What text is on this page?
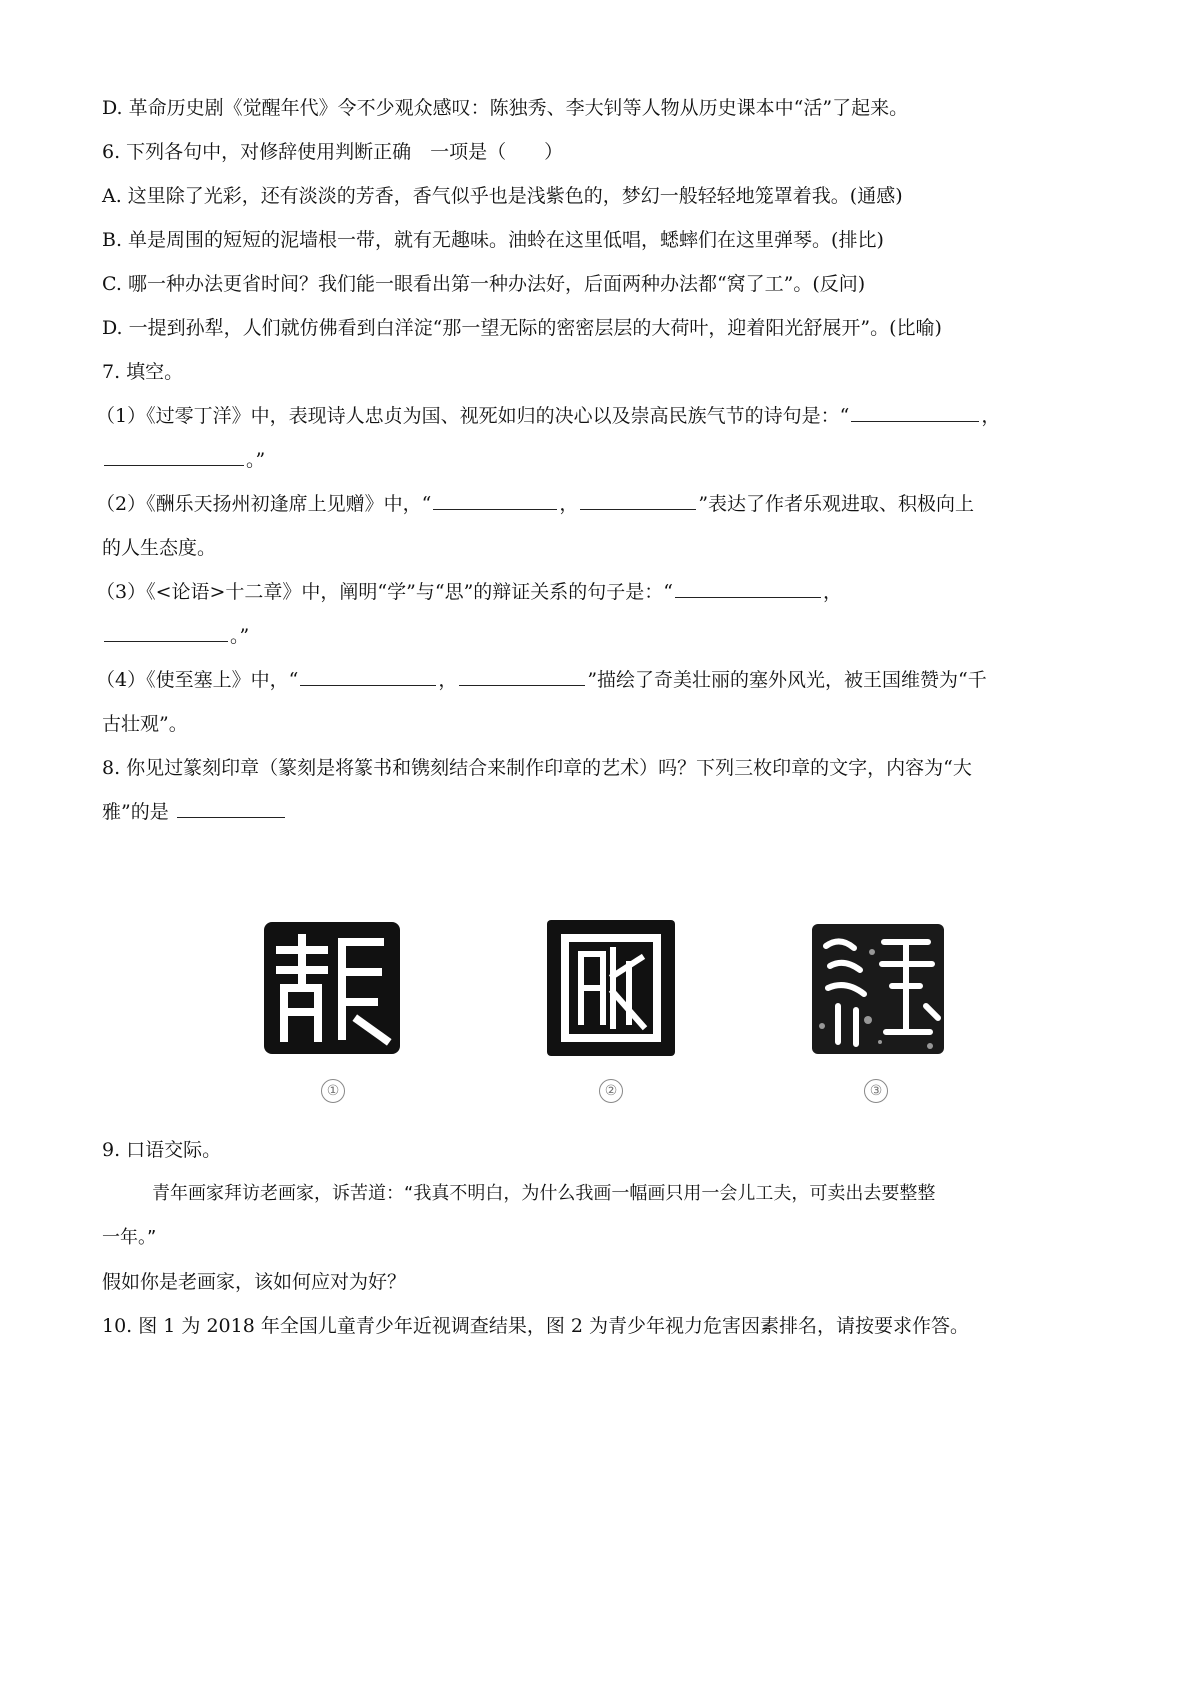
D. 革命历史剧《觉醒年代》令不少观众感叹：陈独秀、李大钊等人物从历史课本中“活”了起来。
6. 下列各句中，对修辞使用判断正确　一项是（　　）
A. 这里除了光彩，还有淡淡的芳香，香气似乎也是浅紫色的，梦幻一般轻轻地笼罩着我。(通感)
B. 单是周围的短短的泥墙根一带，就有无趣味。油蛉在这里低唱，蟋蟀们在这里弹琴。(排比)
C. 哪一种办法更省时间？我们能一眼看出第一种办法好，后面两种办法都“窝了工”。(反问)
D. 一提到孙犁，人们就仿佛看到白洋淀“那一望无际的密密层层的大荷叶，迎着阳光舒展开”。(比喻)
7. 填空。
（1）《过零丁洋》中，表现诗人忠贞为国、视死如归的决心以及崇高民族气节的诗句是：“	，
。”
（2）《酬乐天扬州初逢席上见赠》中，“	，	”表达了作者乐观进取、积极向上
的人生态度。
（3）《<论语>十二章》中，阐明“学”与“思”的辩证关系的句子是：“	，
。”
（4）《使至塞上》中，“	，	”描绘了奇美壮丽的塞外风光，被王国维赞为“千
古壮观”。
8. 你见过篆刻印章（篆刻是将篆书和镌刻结合来制作印章的艺术）吗？下列三枚印章的文字，内容为“大
雅”的是
①	②	③
9. 口语交际。
青年画家拜访老画家，诉苦道：“我真不明白，为什么我画一幅画只用一会儿工夫，可卖出去要整整
一年。”
假如你是老画家，该如何应对为好？
10. 图 1 为 2018 年全国儿童青少年近视调查结果，图 2 为青少年视力危害因素排名，请按要求作答。
